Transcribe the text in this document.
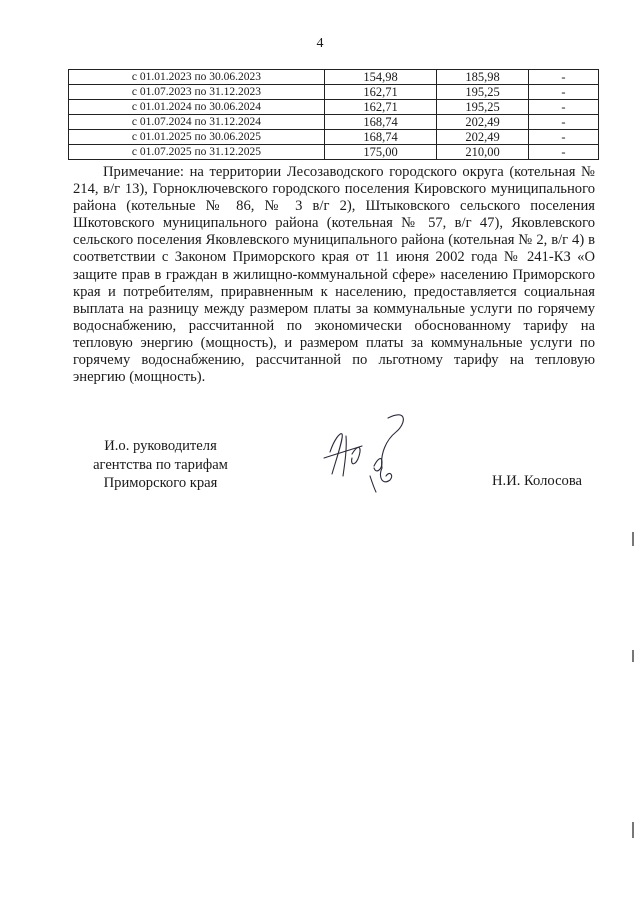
4
с 01.01.2023 по 30.06.2023	154,98	185,98	-
с 01.07.2023 по 31.12.2023	162,71	195,25	-
с 01.01.2024 по 30.06.2024	162,71	195,25	-
с 01.07.2024 по 31.12.2024	168,74	202,49	-
с 01.01.2025 по 30.06.2025	168,74	202,49	-
с 01.07.2025 по 31.12.2025	175,00	210,00	-

Примечание: на территории Лесозаводского городского округа (котельная № 214, в/г 13), Горноключевского городского поселения Кировского муниципального района (котельные № 86, № 3 в/г 2), Штыковского сельского поселения Шкотовского муниципального района (котельная № 57, в/г 47), Яковлевского сельского поселения Яковлевского муниципального района (котельная № 2, в/г 4) в соответствии с Законом Приморского края от 11 июня 2002 года № 241-КЗ «О защите прав в граждан в жилищно-коммунальной сфере» населению Приморского края и потребителям, приравненным к населению, предоставляется социальная выплата на разницу между размером платы за коммунальные услуги по горячему водоснабжению, рассчитанной по экономически обоснованному тарифу на тепловую энергию (мощность), и размером платы за коммунальные услуги по горячему водоснабжению, рассчитанной по льготному тарифу на тепловую энергию (мощность).

И.о. руководителя
агентства по тарифам
Приморского края	Н.И. Колосова
